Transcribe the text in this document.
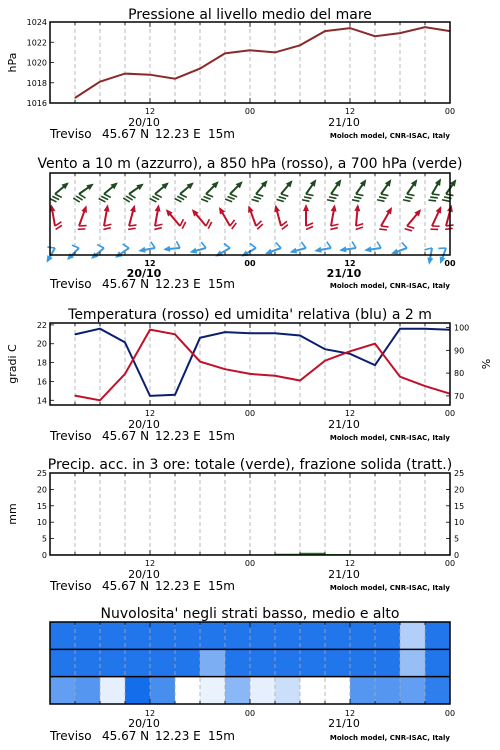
Pressione al livello medio del mare
1016
1018
1020
1022
1024
hPa
12	00	12	00
20/10	21/10
Treviso 45.67 N 12.23 E 15m	Moloch model, CNR-ISAC, Italy
Vento a 10 m (azzurro), a 850 hPa (rosso), a 700 hPa (verde)
12	00	12	00
20/10	21/10
Treviso 45.67 N 12.23 E 15m	Moloch model, CNR-ISAC, Italy
Temperatura (rosso) ed umidita' relativa (blu) a 2 m
14
16
18
20
22
70
80
90
100
gradi C	%
12	00	12	00
20/10	21/10
Treviso 45.67 N 12.23 E 15m	Moloch model, CNR-ISAC, Italy
Precip. acc. in 3 ore: totale (verde), frazione solida (tratt.)
0
5
10
15
20
25
0
5
10
15
20
25
mm
12	00	12	00
20/10	21/10
Treviso 45.67 N 12.23 E 15m	Moloch model, CNR-ISAC, Italy
Nuvolosita' negli strati basso, medio e alto
12	00	12	00
20/10	21/10
Treviso 45.67 N 12.23 E 15m	Moloch model, CNR-ISAC, Italy
